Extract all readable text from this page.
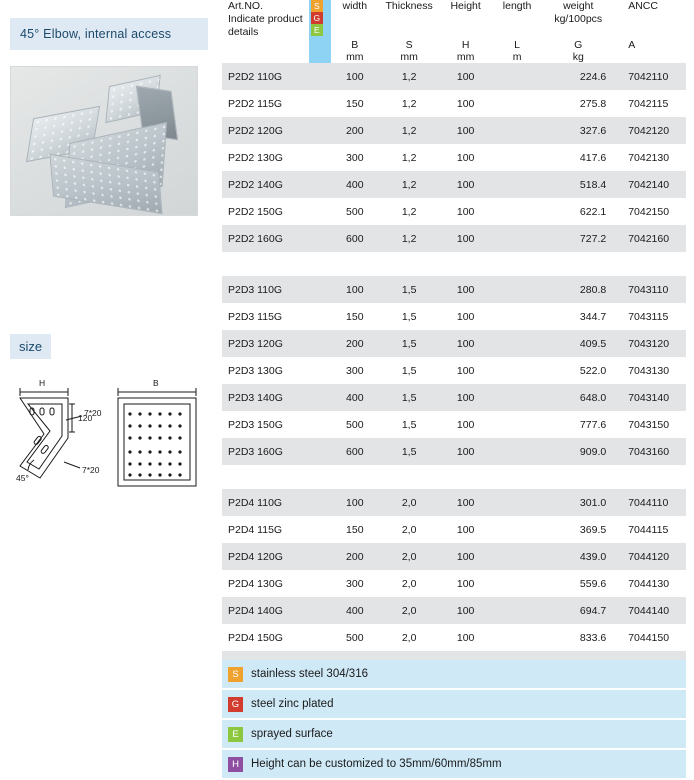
45° Elbow, internal access
size
H	B
120
7*20
7*20
45°
Art.NO.
Indicate product details	
S
G
E
	width	Thickness	Height	length	weight
kg/100pcs	ANCC
		B	S	H	L	G	A
		mm	mm	mm	m	kg	
P2D2 110G		100	1,2	100		224.6	7042110
P2D2 115G		150	1,2	100		275.8	7042115
P2D2 120G		200	1,2	100		327.6	7042120
P2D2 130G		300	1,2	100		417.6	7042130
P2D2 140G		400	1,2	100		518.4	7042140
P2D2 150G		500	1,2	100		622.1	7042150
P2D2 160G		600	1,2	100		727.2	7042160

P2D3 110G		100	1,5	100		280.8	7043110
P2D3 115G		150	1,5	100		344.7	7043115
P2D3 120G		200	1,5	100		409.5	7043120
P2D3 130G		300	1,5	100		522.0	7043130
P2D3 140G		400	1,5	100		648.0	7043140
P2D3 150G		500	1,5	100		777.6	7043150
P2D3 160G		600	1,5	100		909.0	7043160

P2D4 110G		100	2,0	100		301.0	7044110
P2D4 115G		150	2,0	100		369.5	7044115
P2D4 120G		200	2,0	100		439.0	7044120
P2D4 130G		300	2,0	100		559.6	7044130
P2D4 140G		400	2,0	100		694.7	7044140
P2D4 150G		500	2,0	100		833.6	7044150

S	stainless steel 304/316
G	steel zinc plated
E	sprayed surface
H	Height can be customized to 35mm/60mm/85mm
